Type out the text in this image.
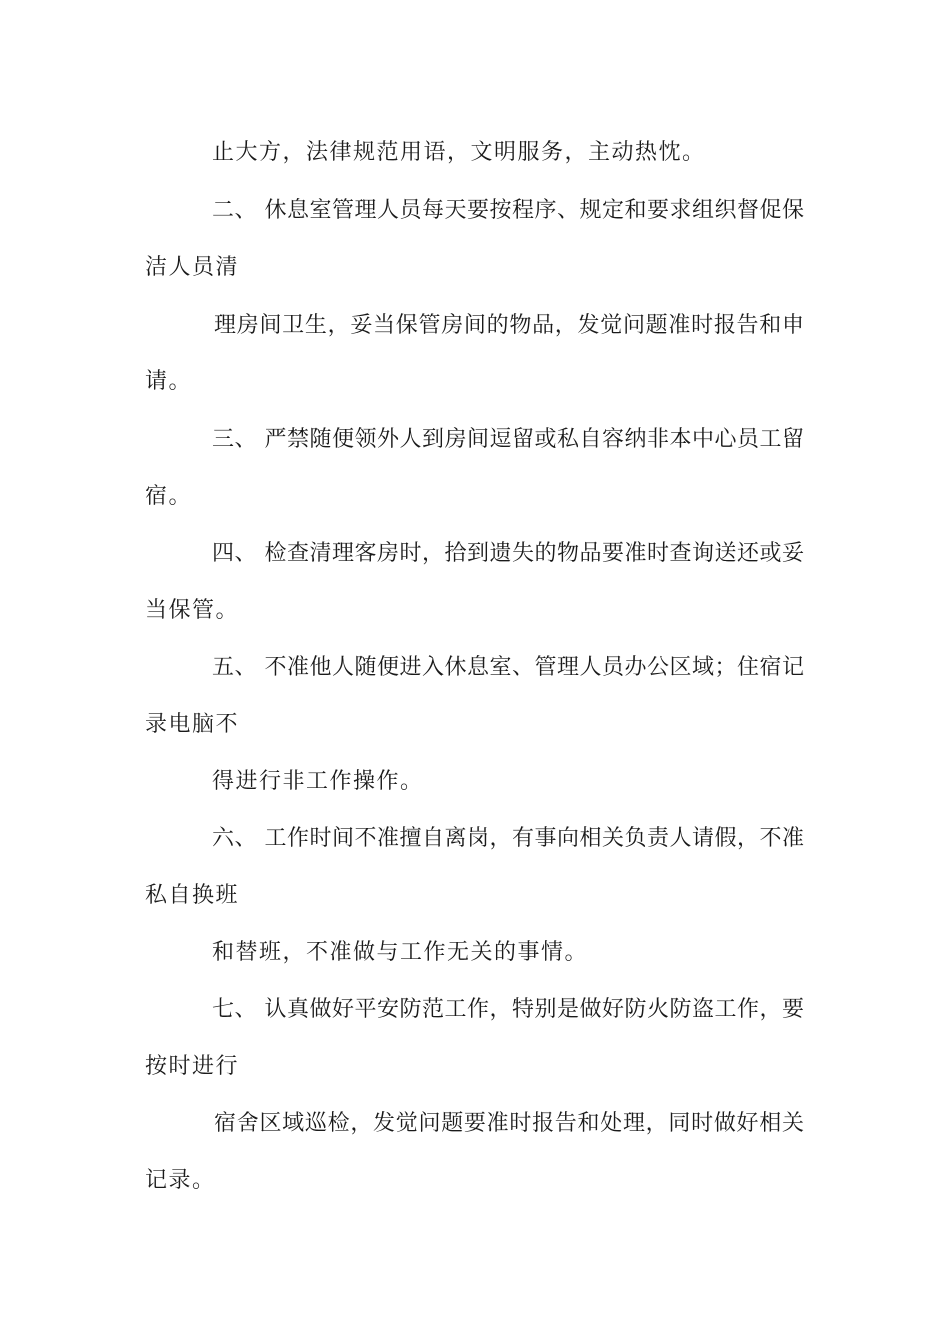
止大方，法律规范用语，文明服务，主动热忱。
二、 休息室管理人员每天要按程序、规定和要求组织督促保
洁人员清
理房间卫生，妥当保管房间的物品，发觉问题准时报告和申
请。
三、 严禁随便领外人到房间逗留或私自容纳非本中心员工留
宿。
四、 检查清理客房时，拾到遗失的物品要准时查询送还或妥
当保管。
五、 不准他人随便进入休息室、管理人员办公区域；住宿记
录电脑不
得进行非工作操作。
六、 工作时间不准擅自离岗，有事向相关负责人请假，不准
私自换班
和替班，不准做与工作无关的事情。
七、 认真做好平安防范工作，特别是做好防火防盗工作，要
按时进行
宿舍区域巡检，发觉问题要准时报告和处理，同时做好相关
记录。
